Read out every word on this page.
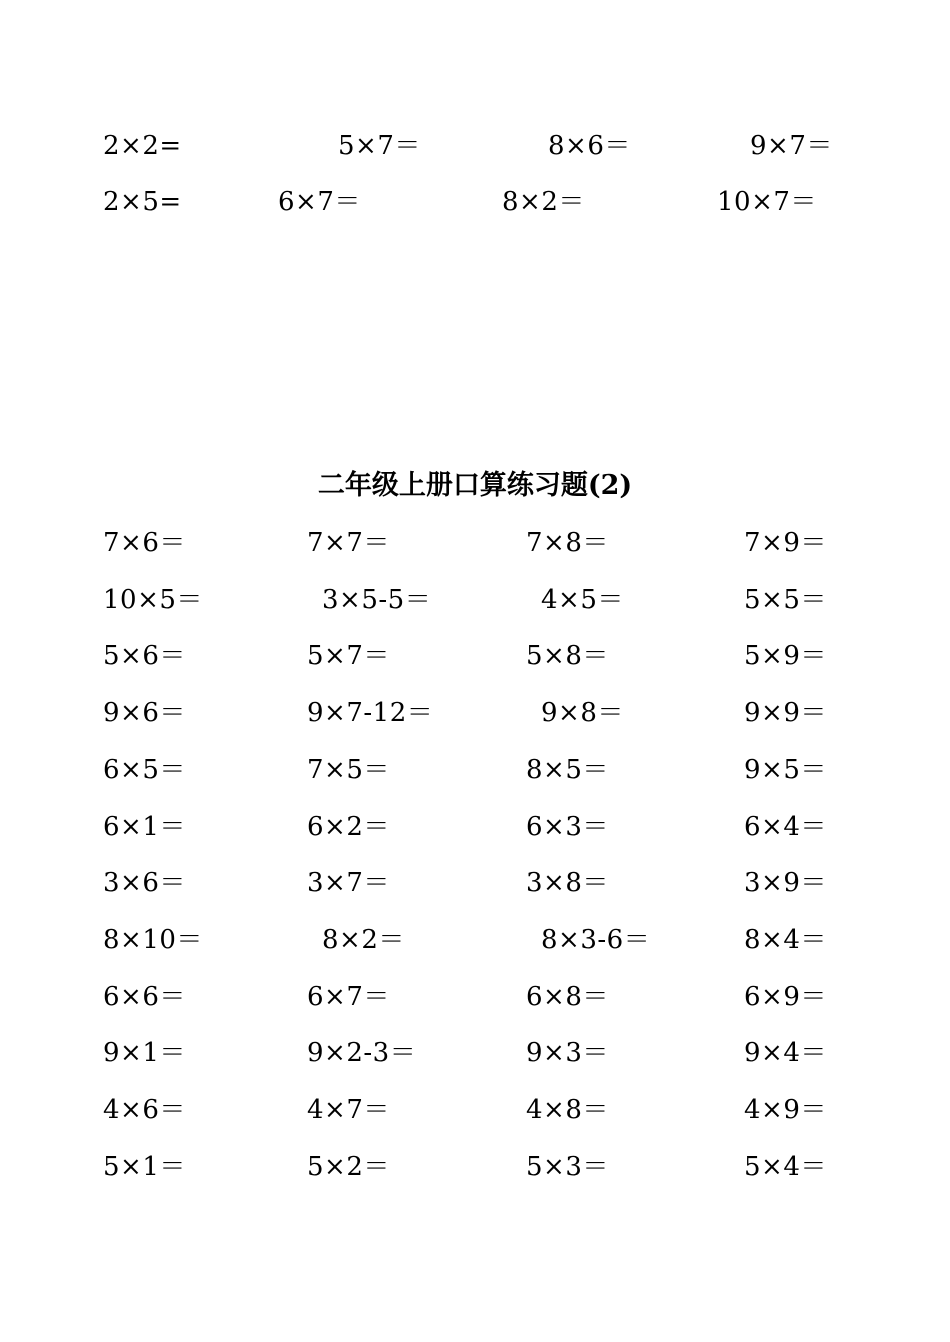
二年级上册口算练习题(2)
2×2=	5×7＝	8×6＝	9×7＝
2×5=	6×7＝	8×2＝	10×7＝
7×6＝	7×7＝	7×8＝	7×9＝
10×5＝	3×5-5＝	4×5＝	5×5＝
5×6＝	5×7＝	5×8＝	5×9＝
9×6＝	9×7-12＝	9×8＝	9×9＝
6×5＝	7×5＝	8×5＝	9×5＝
6×1＝	6×2＝	6×3＝	6×4＝
3×6＝	3×7＝	3×8＝	3×9＝
8×10＝	8×2＝	8×3-6＝	8×4＝
6×6＝	6×7＝	6×8＝	6×9＝
9×1＝	9×2-3＝	9×3＝	9×4＝
4×6＝	4×7＝	4×8＝	4×9＝
5×1＝	5×2＝	5×3＝	5×4＝
